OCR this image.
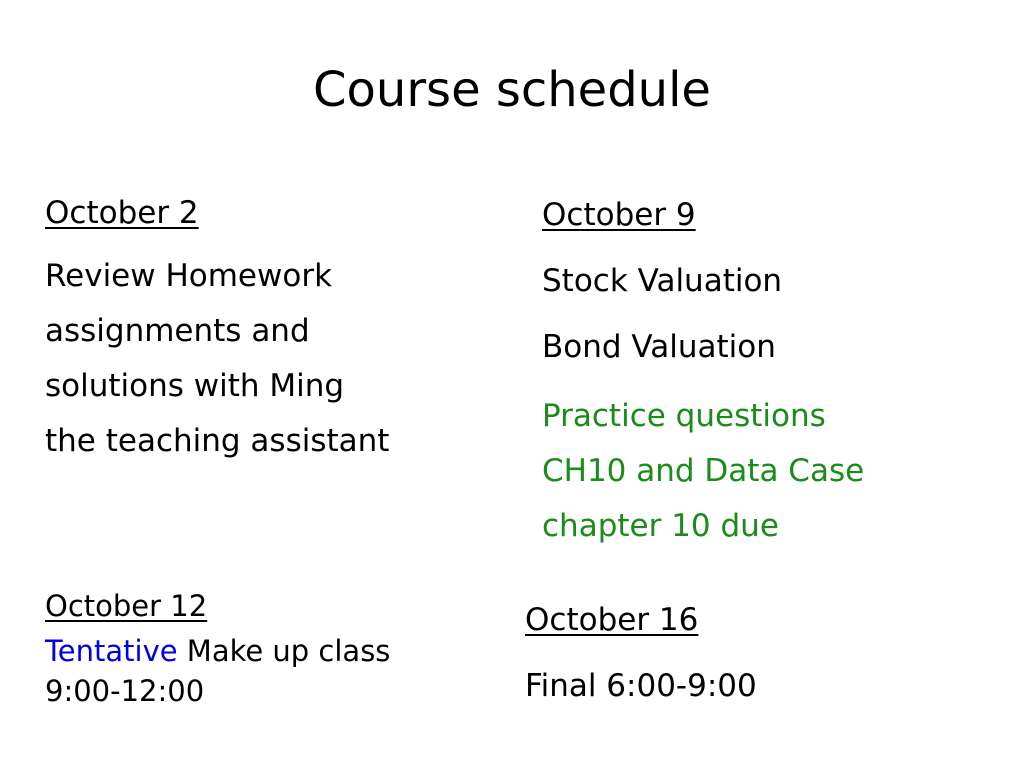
Course schedule
October 2
Review Homework
assignments and
solutions with Ming
the teaching assistant
October 9
Stock Valuation
Bond Valuation
Practice questions
CH10 and Data Case
chapter 10 due
October 12
Tentative Make up class
9:00-12:00
October 16
Final 6:00-9:00
